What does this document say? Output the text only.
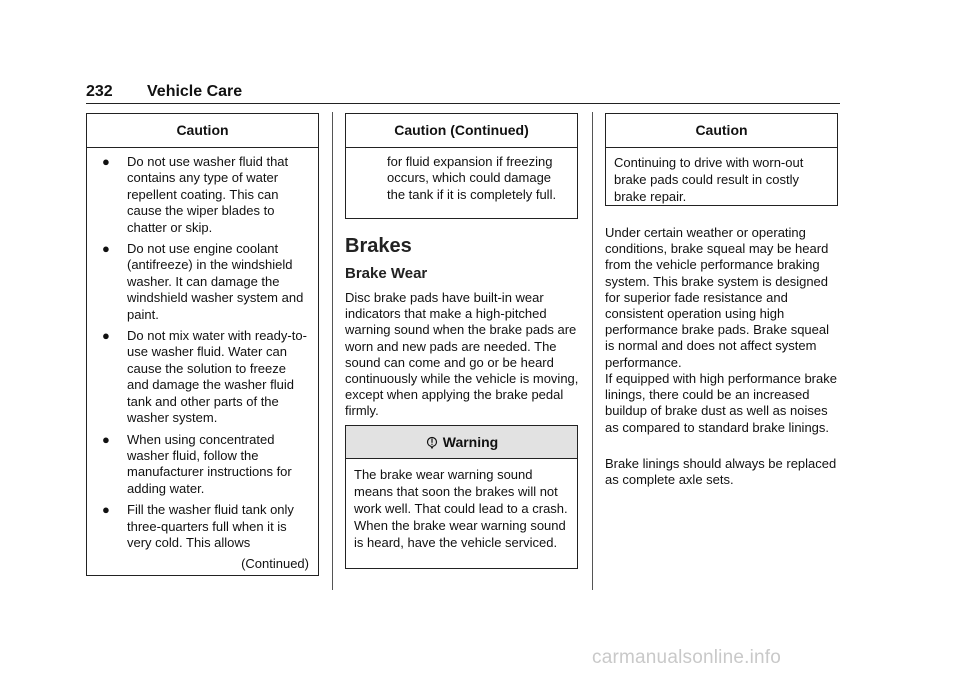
232 Vehicle Care
Caution
●	Do not use washer fluid that contains any type of water repellent coating. This can cause the wiper blades to chatter or skip.
●	Do not use engine coolant (antifreeze) in the windshield washer. It can damage the windshield washer system and paint.
●	Do not mix water with ready-to-use washer fluid. Water can cause the solution to freeze and damage the washer fluid tank and other parts of the washer system.
●	When using concentrated washer fluid, follow the manufacturer instructions for adding water.
●	Fill the washer fluid tank only three-quarters full when it is very cold. This allows
(Continued)
Caution (Continued)
for fluid expansion if freezing occurs, which could damage the tank if it is completely full.
Brakes
Brake Wear
Disc brake pads have built-in wear indicators that make a high-pitched warning sound when the brake pads are worn and new pads are needed. The sound can come and go or be heard continuously while the vehicle is moving, except when applying the brake pedal firmly.
Warning
The brake wear warning sound means that soon the brakes will not work well. That could lead to a crash. When the brake wear warning sound is heard, have the vehicle serviced.
Caution
Continuing to drive with worn-out brake pads could result in costly brake repair.
Under certain weather or operating conditions, brake squeal may be heard from the vehicle performance braking system. This brake system is designed for superior fade resistance and consistent operation using high performance brake pads. Brake squeal is normal and does not affect system performance.
If equipped with high performance brake linings, there could be an increased buildup of brake dust as well as noises as compared to standard brake linings.
Brake linings should always be replaced as complete axle sets.
carmanualsonline.info
